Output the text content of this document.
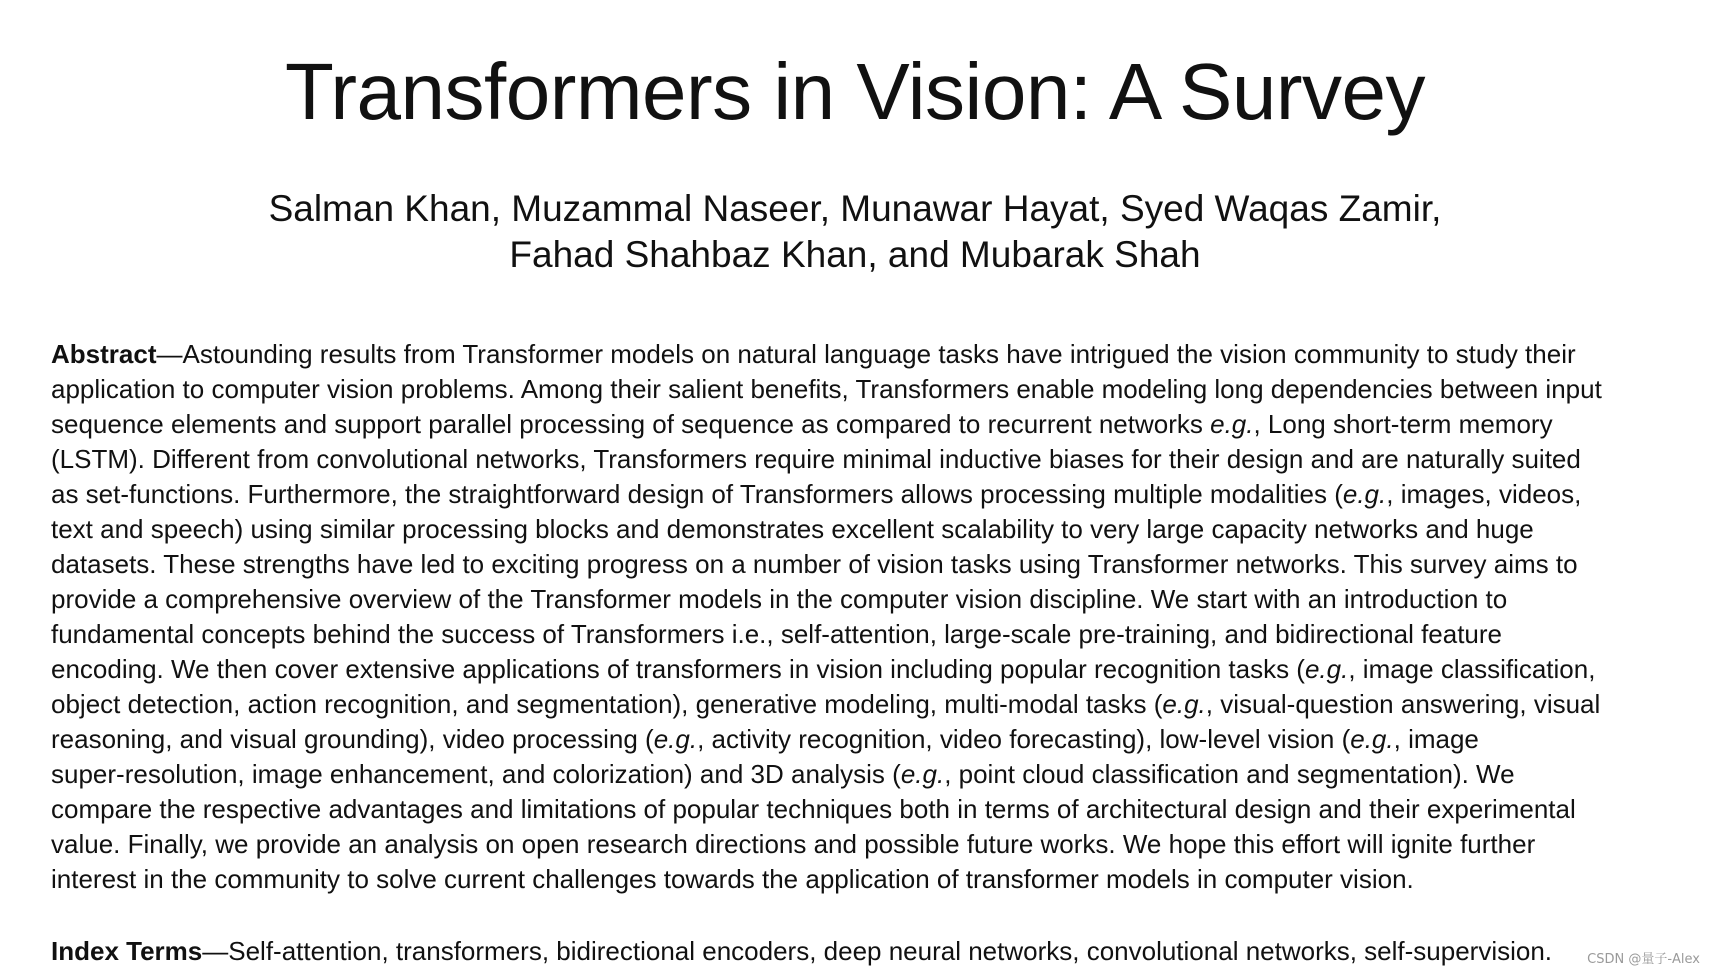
Transformers in Vision: A Survey
Salman Khan, Muzammal Naseer, Munawar Hayat, Syed Waqas Zamir,
Fahad Shahbaz Khan, and Mubarak Shah
Abstract—Astounding results from Transformer models on natural language tasks have intrigued the vision community to study their
application to computer vision problems. Among their salient benefits, Transformers enable modeling long dependencies between input
sequence elements and support parallel processing of sequence as compared to recurrent networks e.g., Long short-term memory
(LSTM). Different from convolutional networks, Transformers require minimal inductive biases for their design and are naturally suited
as set-functions. Furthermore, the straightforward design of Transformers allows processing multiple modalities (e.g., images, videos,
text and speech) using similar processing blocks and demonstrates excellent scalability to very large capacity networks and huge
datasets. These strengths have led to exciting progress on a number of vision tasks using Transformer networks. This survey aims to
provide a comprehensive overview of the Transformer models in the computer vision discipline. We start with an introduction to
fundamental concepts behind the success of Transformers i.e., self-attention, large-scale pre-training, and bidirectional feature
encoding. We then cover extensive applications of transformers in vision including popular recognition tasks (e.g., image classification,
object detection, action recognition, and segmentation), generative modeling, multi-modal tasks (e.g., visual-question answering, visual
reasoning, and visual grounding), video processing (e.g., activity recognition, video forecasting), low-level vision (e.g., image
super-resolution, image enhancement, and colorization) and 3D analysis (e.g., point cloud classification and segmentation). We
compare the respective advantages and limitations of popular techniques both in terms of architectural design and their experimental
value. Finally, we provide an analysis on open research directions and possible future works. We hope this effort will ignite further
interest in the community to solve current challenges towards the application of transformer models in computer vision.
Index Terms—Self-attention, transformers, bidirectional encoders, deep neural networks, convolutional networks, self-supervision.	CSDN @量子-Alex
